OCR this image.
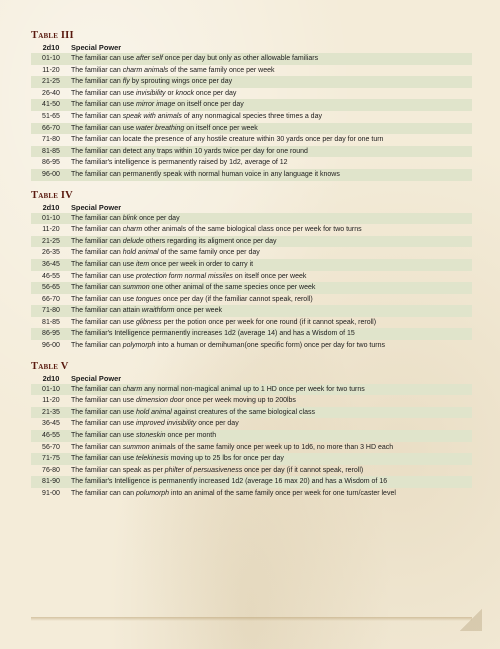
Table III
2d10	Special Power
01-10	The familiar can use after self once per day but only as other allowable familiars
11-20	The familiar can charm animals of the same family once per week
21-25	The familiar can fly by sprouting wings once per day
26-40	The familiar can use invisibility or knock once per day
41-50	The familiar can use mirror image on itself once per day
51-65	The familiar can speak with animals of any nonmagical species three times a day
66-70	The familiar can use water breathing on itself once per week
71-80	The familiar can locate the presence of any hostile creature within 30 yards once per day for one turn
81-85	The familiar can detect any traps within 10 yards twice per day for one round
86-95	The familiar's intelligence is permanently raised by 1d2, average of 12
96-00	The familiar can permanently speak with normal human voice in any language it knows
Table IV
2d10	Special Power
01-10	The familiar can blink once per day
11-20	The familiar can charm other animals of the same biological class once per week for two turns
21-25	The familiar can delude others regarding its aligment once per day
26-35	The familiar can hold animal of the same family once per day
36-45	The familiar can use item once per week in order to carry it
46-55	The familiar can use protection form normal missiles on itself once per week
56-65	The familiar can summon one other animal of the same species once per week
66-70	The familiar can use tongues once per day (if the familiar cannot speak, reroll)
71-80	The familiar can attain wraithform once per week
81-85	The familiar can use glibness per the potion once per week for one round (if it cannot speak, reroll)
86-95	The familiar's Intelligence permanently increases 1d2 (average 14) and has a Wisdom of 15
96-00	The familiar can polymorph into a human or demihuman(one specific form) once per day for two turns
Table V
2d10	Special Power
01-10	The familiar can charm any normal non-magical animal up to 1 HD once per week for two turns
11-20	The familiar can use dimension door once per week moving up to 200lbs
21-35	The familiar can use hold animal against creatures of the same biological class
36-45	The familiar can use improved invisibility once per day
46-55	The familiar can use stoneskin once per month
56-70	The familiar can summon animals of the same family once per week up to 1d6, no more than 3 HD each
71-75	The familiar can use telekinesis moving up to 25 lbs for once per day
76-80	The familiar can speak as per philter of persuasiveness once per day (if it cannot speak, reroll)
81-90	The familiar's Intelligence is permanently increased 1d2 (average 16 max 20) and has a Wisdom of 16
91-00	The familiar can can polumorph into an animal of the same family once per week for one turn/caster level
